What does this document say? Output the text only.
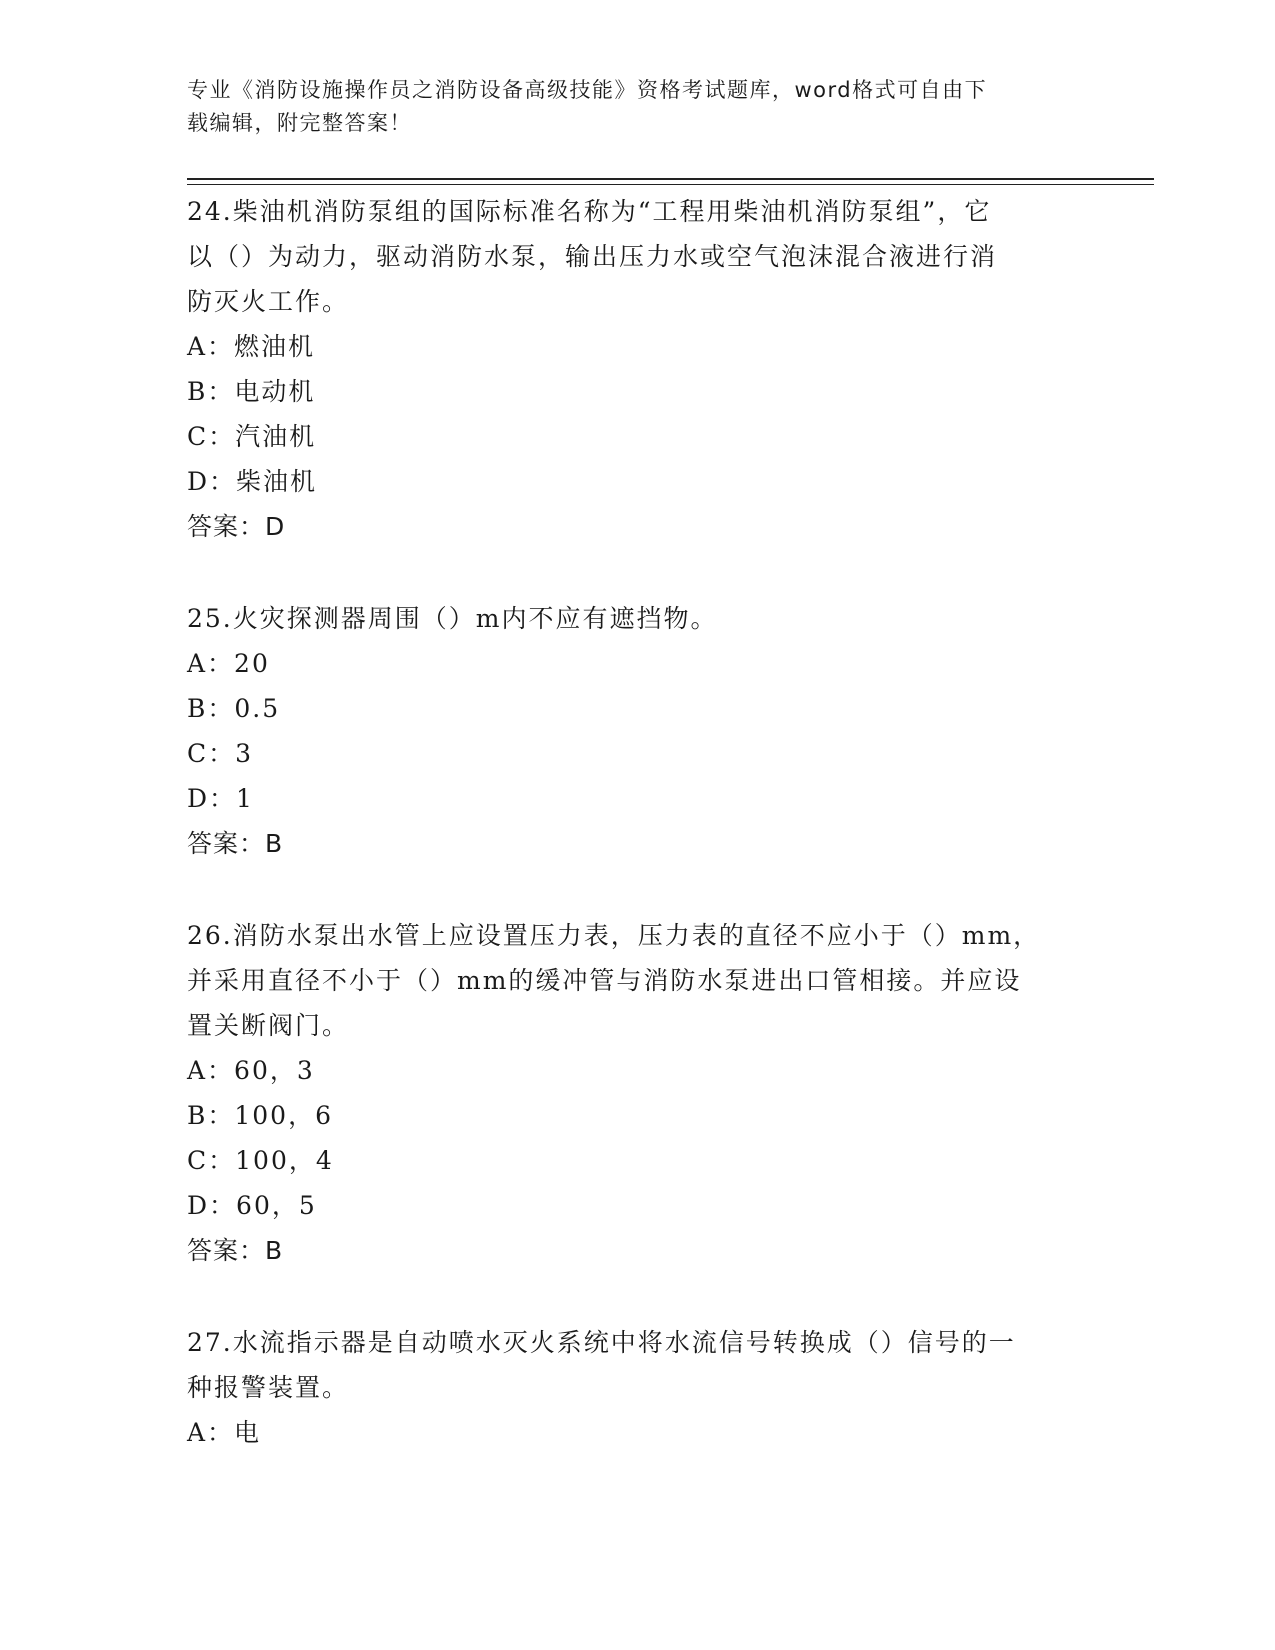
专业《消防设施操作员之消防设备高级技能》资格考试题库，word格式可自由下
载编辑，附完整答案！
24.柴油机消防泵组的国际标准名称为“工程用柴油机消防泵组”，它
以（）为动力，驱动消防水泵，输出压力水或空气泡沫混合液进行消
防灭火工作。
A：燃油机
B：电动机
C：汽油机
D：柴油机
答案：D
25.火灾探测器周围（）m内不应有遮挡物。
A：20
B：0.5
C：3
D：1
答案：B
26.消防水泵出水管上应设置压力表，压力表的直径不应小于（）mm，
并采用直径不小于（）mm的缓冲管与消防水泵进出口管相接。并应设
置关断阀门。
A：60，3
B：100，6
C：100，4
D：60，5
答案：B
27.水流指示器是自动喷水灭火系统中将水流信号转换成（）信号的一
种报警装置。
A：电
